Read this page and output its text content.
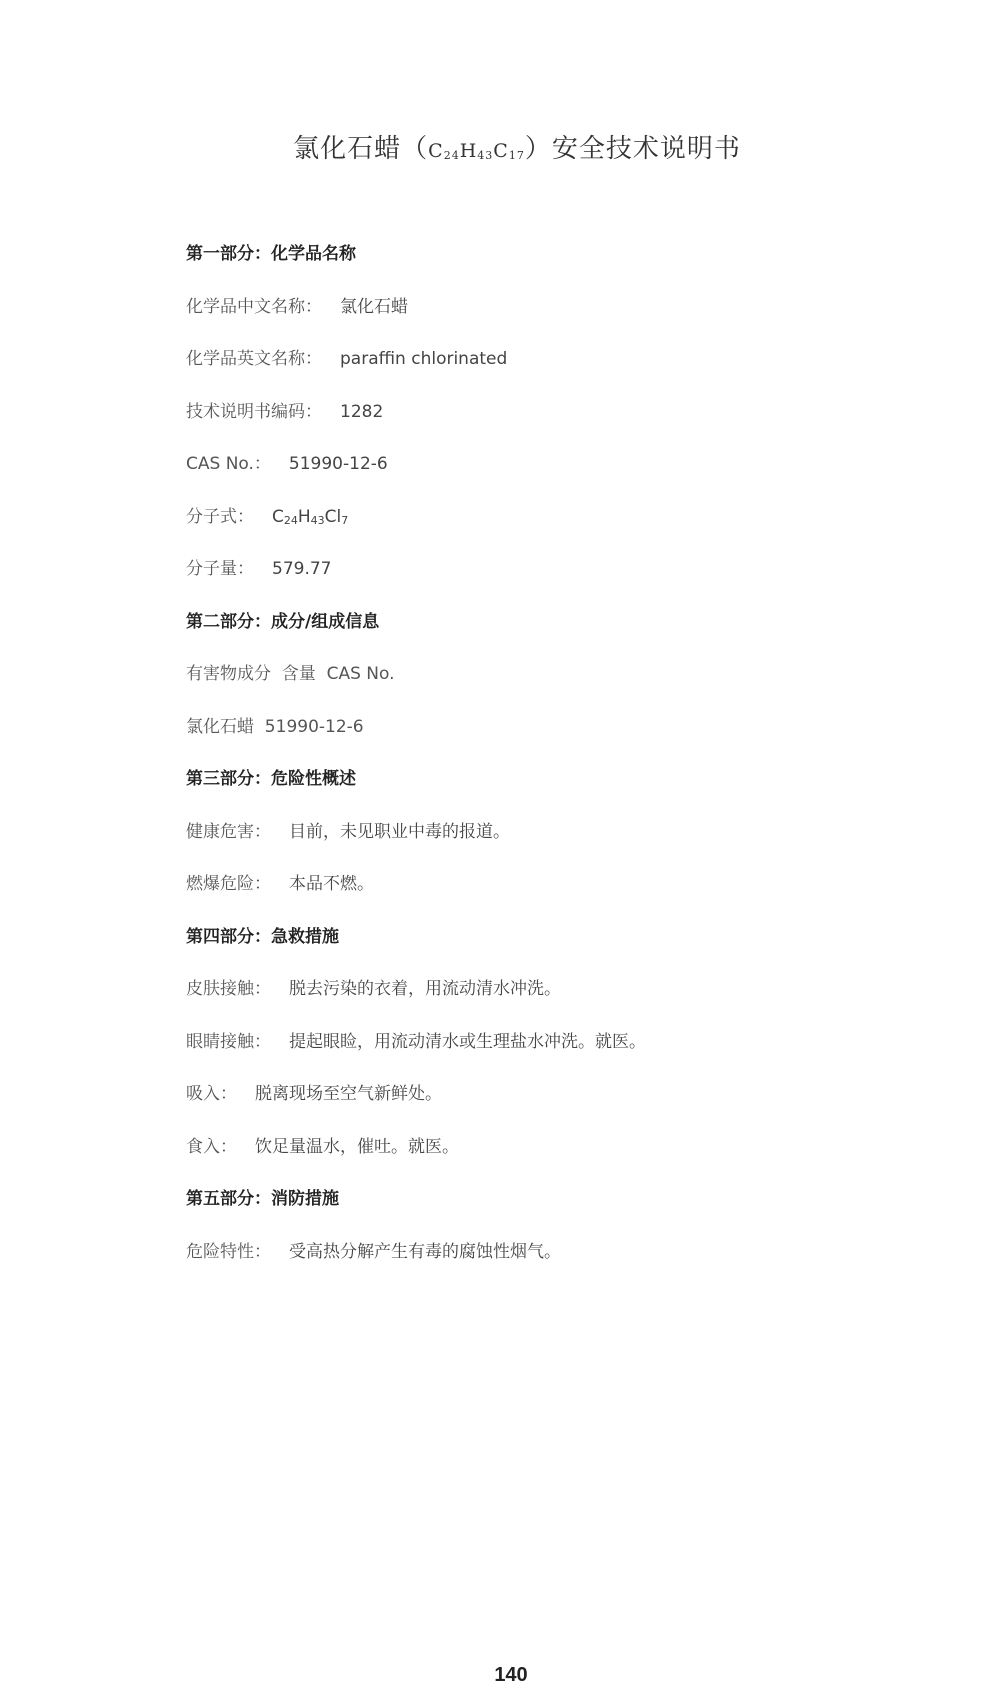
氯化石蜡$(C_{24}H_{43}C_{17})$安全技术说明书
第一部分：化学品名称
化学品中文名称： 氯化石蜡
化学品英文名称： paraffin chlorinated
技术说明书编码： 1282
CAS No.： 51990-12-6
分子式： $C_{24}H_{43}Cl_7$
分子量： 579.77
第二部分：成分/组成信息
有害物成分  含量  CAS No.
氯化石蜡  51990-12-6
第三部分：危险性概述
健康危害： 目前，未见职业中毒的报道。
燃爆危险： 本品不燃。
第四部分：急救措施
皮肤接触： 脱去污染的衣着，用流动清水冲洗。
眼睛接触： 提起眼睑，用流动清水或生理盐水冲洗。就医。
吸入： 脱离现场至空气新鲜处。
食入： 饮足量温水，催吐。就医。
第五部分：消防措施
危险特性： 受高热分解产生有毒的腐蚀性烟气。
140
